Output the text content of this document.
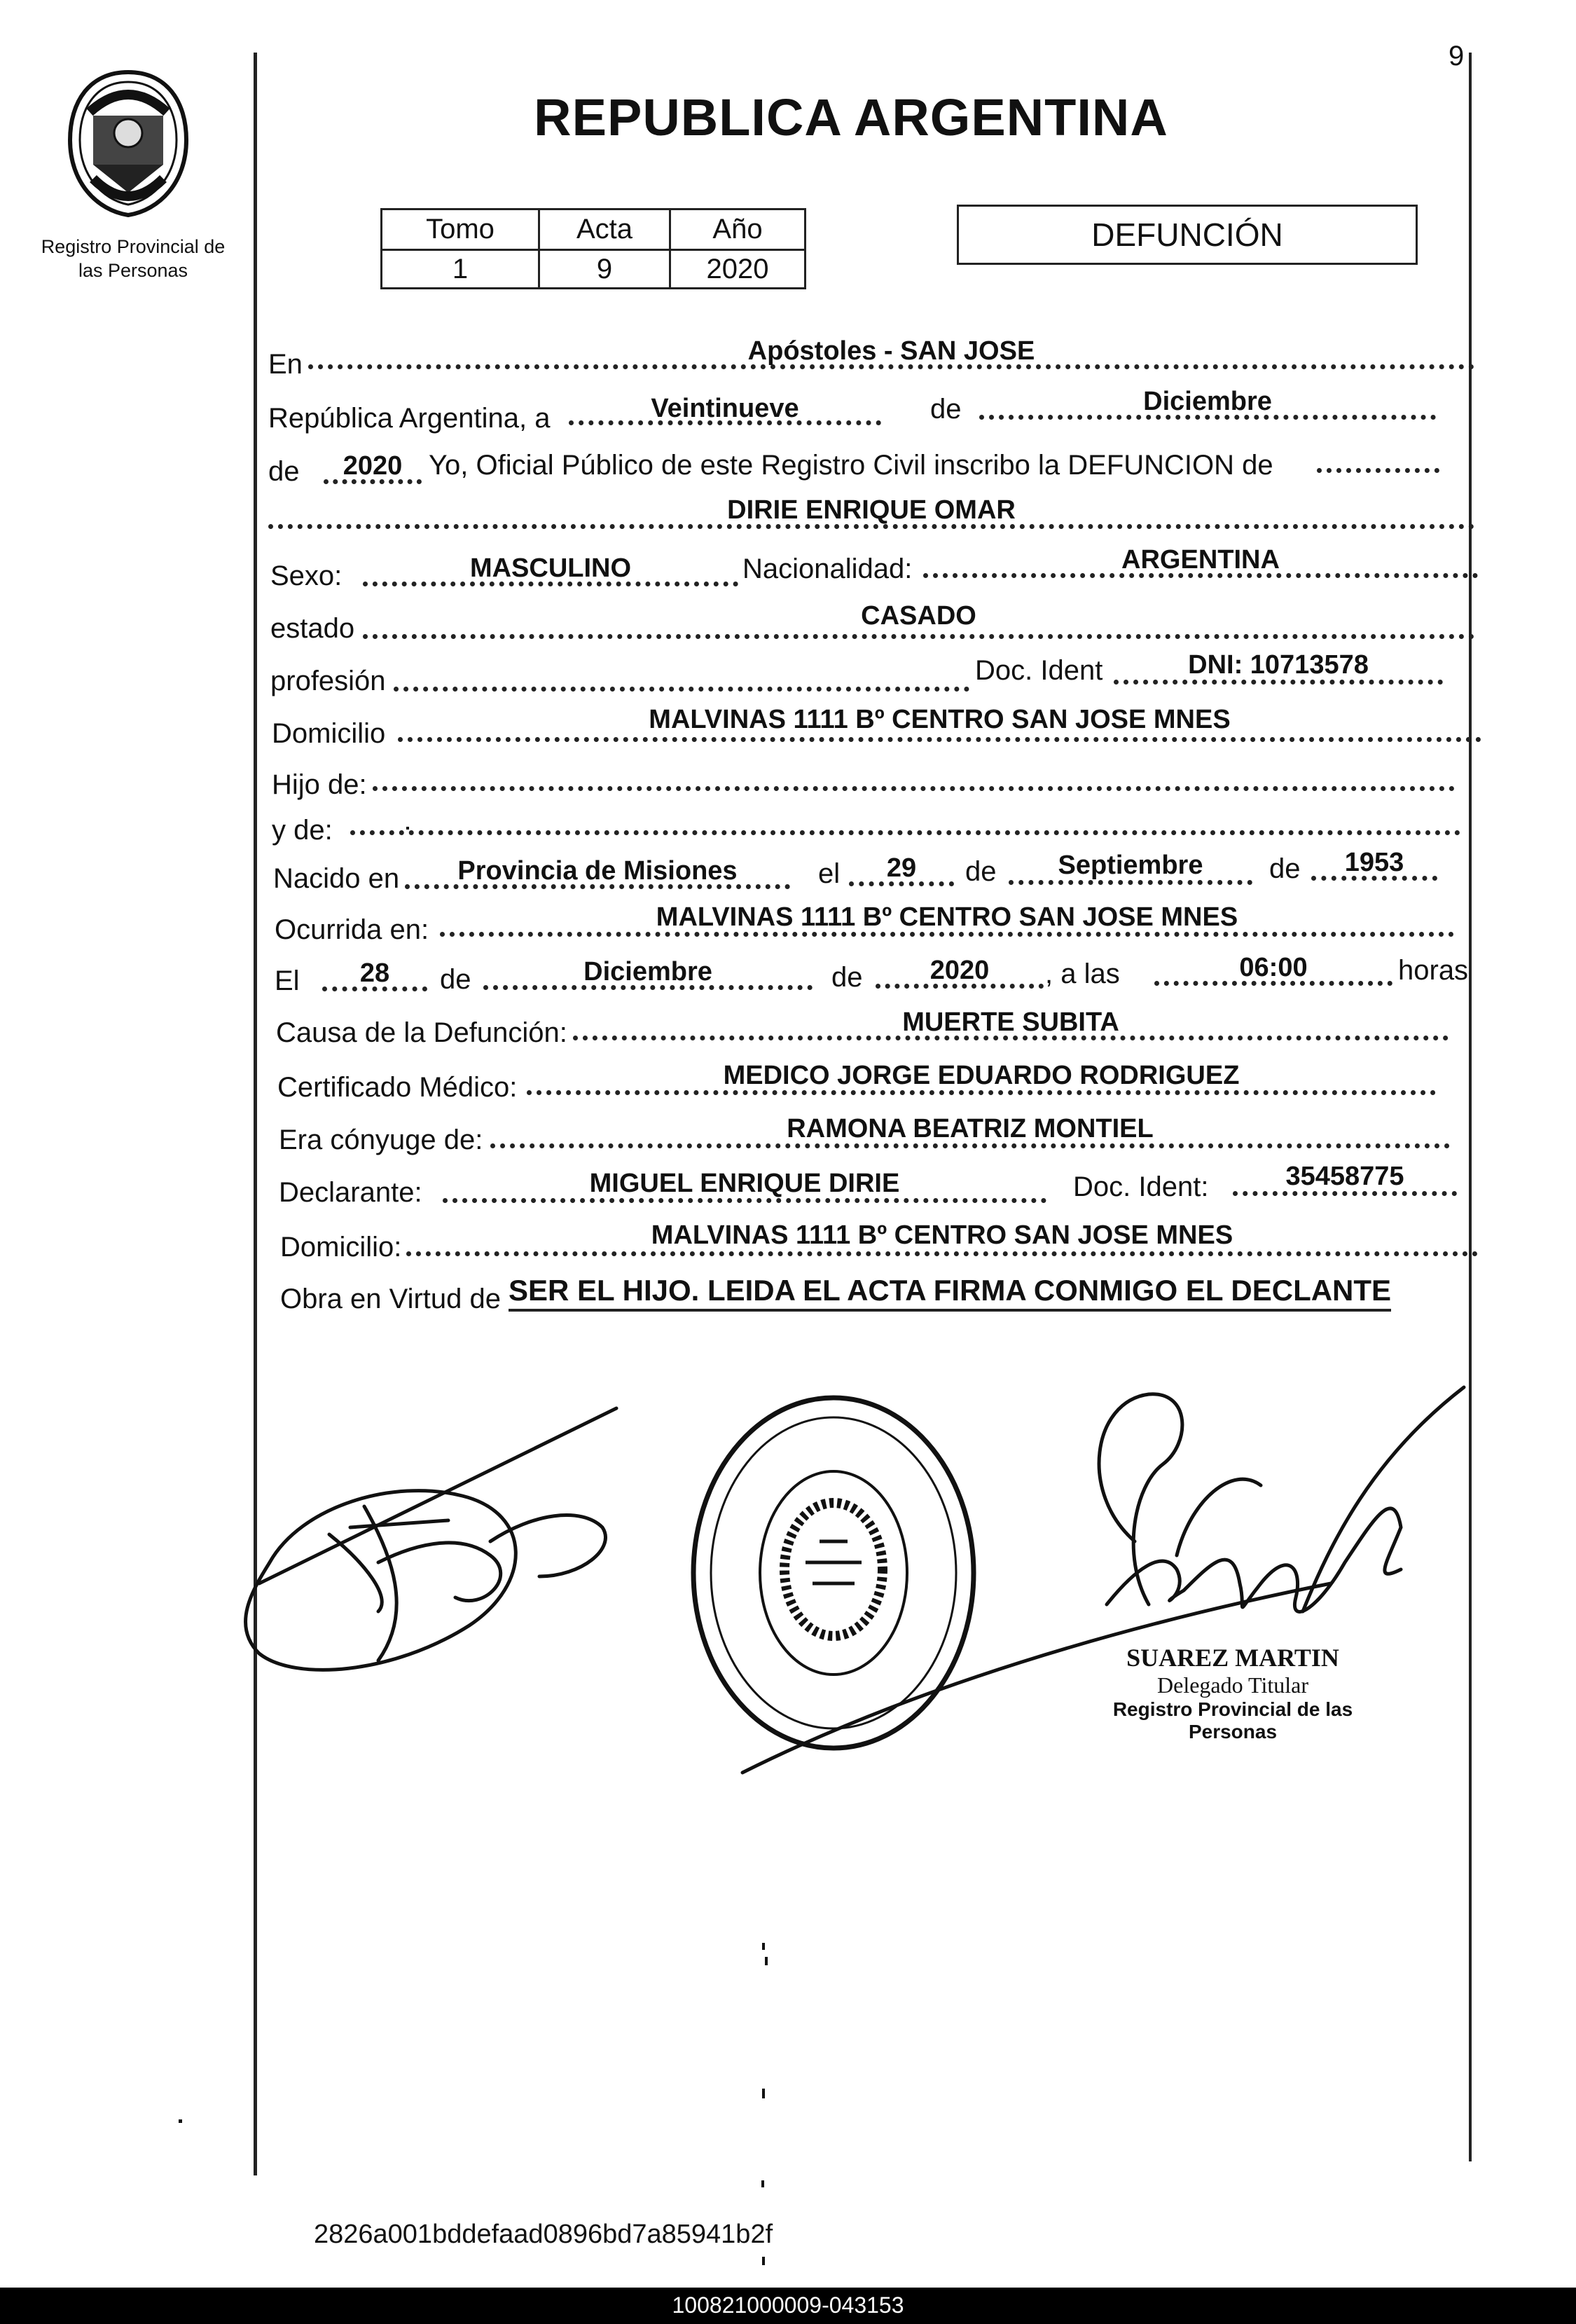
9
Registro Provincial de
las Personas
REPUBLICA ARGENTINA
Tomo	Acta	Año
1	9	2020
DEFUNCIÓN
En	Apóstoles - SAN JOSE
República Argentina, a	Veintinueve	de	Diciembre
de	2020 Yo, Oficial Público de este Registro Civil inscribo la DEFUNCION de
DIRIE ENRIQUE OMAR
Sexo:	MASCULINO	Nacionalidad:	ARGENTINA
estado	CASADO
profesión	Doc. Ident	DNI: 10713578
Domicilio	MALVINAS 1111 Bº CENTRO SAN JOSE MNES
Hijo de:
y de:
Nacido en	Provincia de Misiones	el	29	de	Septiembre	de	1953
Ocurrida en:	MALVINAS 1111 Bº CENTRO SAN JOSE MNES
El	28	de	Diciembre	de	2020	, a las	06:00	horas
Causa de la Defunción:	MUERTE SUBITA
Certificado Médico:	MEDICO JORGE EDUARDO RODRIGUEZ
Era cónyuge de:	RAMONA BEATRIZ MONTIEL
Declarante:	MIGUEL ENRIQUE DIRIE	Doc. Ident:	35458775
Domicilio:	MALVINAS 1111 Bº CENTRO SAN JOSE MNES
Obra en Virtud de SER EL HIJO. LEIDA EL ACTA FIRMA CONMIGO EL DECLANTE
SUAREZ MARTIN
Delegado Titular
Registro Provincial de las Personas
2826a001bddefaad0896bd7a85941b2f
100821000009-043153
